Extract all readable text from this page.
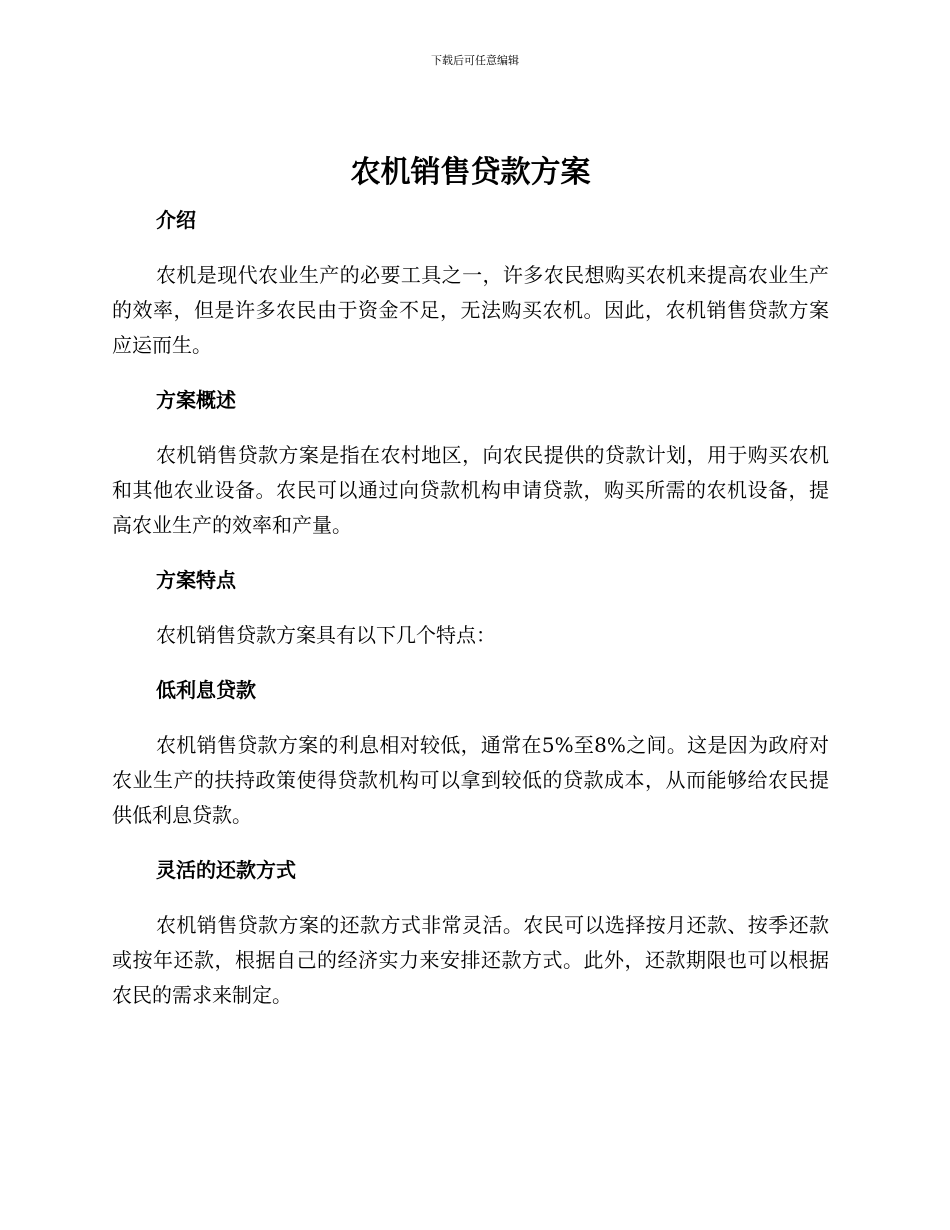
下载后可任意编辑
农机销售贷款方案
介绍

农机是现代农业生产的必要工具之一，许多农民想购买农机来提高农业生产的效率，但是许多农民由于资金不足，无法购买农机。因此，农机销售贷款方案应运而生。

方案概述

农机销售贷款方案是指在农村地区，向农民提供的贷款计划，用于购买农机和其他农业设备。农民可以通过向贷款机构申请贷款，购买所需的农机设备，提高农业生产的效率和产量。

方案特点

农机销售贷款方案具有以下几个特点：

低利息贷款

农机销售贷款方案的利息相对较低，通常在5%至8%之间。这是因为政府对农业生产的扶持政策使得贷款机构可以拿到较低的贷款成本，从而能够给农民提供低利息贷款。

灵活的还款方式

农机销售贷款方案的还款方式非常灵活。农民可以选择按月还款、按季还款或按年还款，根据自己的经济实力来安排还款方式。此外，还款期限也可以根据农民的需求来制定。
